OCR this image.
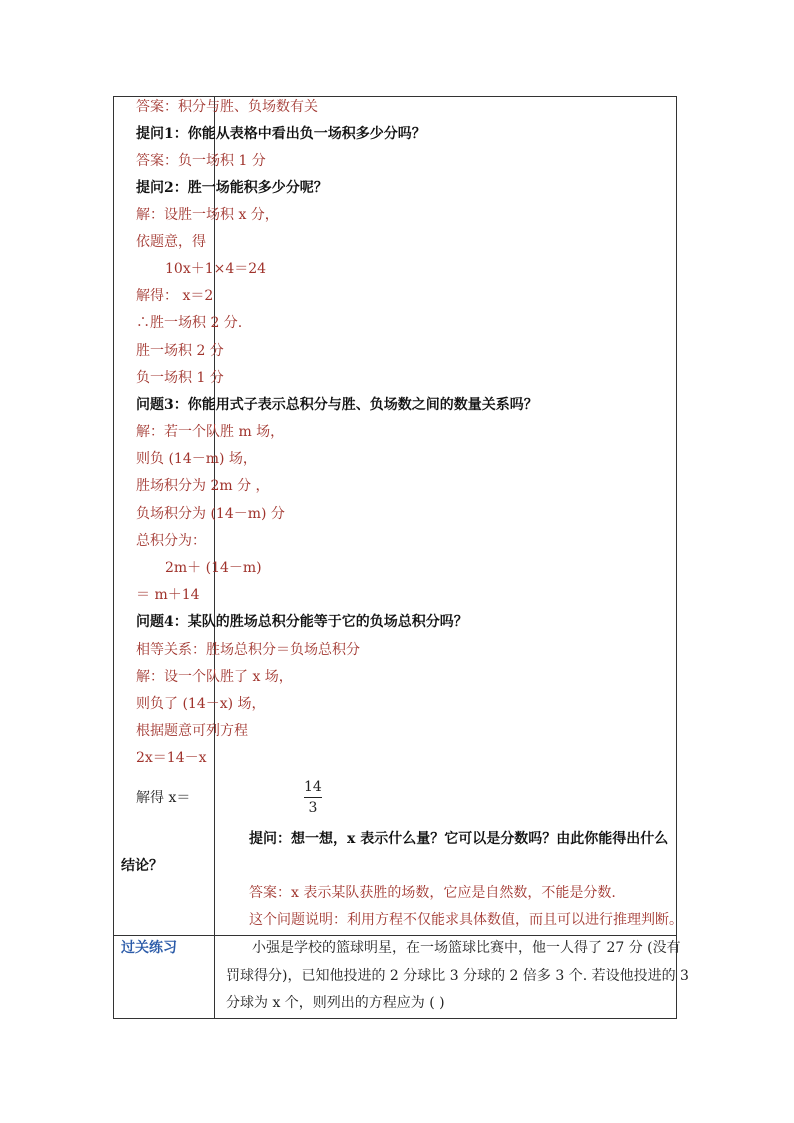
答案：积分与胜、负场数有关
提问1：你能从表格中看出负一场积多少分吗？
答案：负一场积 1 分
提问2：胜一场能积多少分呢？
解：设胜一场积 x 分，
依题意，得
10x＋1×4＝24
解得： x＝2
∴胜一场积 2 分.
胜一场积 2 分
负一场积 1 分
问题3：你能用式子表示总积分与胜、负场数之间的数量关系吗？
解：若一个队胜 m 场，
则负 (14－m) 场，
胜场积分为 2m 分 ，
负场积分为 (14－m) 分
总积分为：
2m＋ (14－m)
＝ m＋14
问题4：某队的胜场总积分能等于它的负场总积分吗？
相等关系：胜场总积分＝负场总积分
解：设一个队胜了 x 场，
则负了 (14－x) 场，
根据题意可列方程
2x＝14－x
解得 x＝
14
3
提问：想一想，x 表示什么量？它可以是分数吗？由此你能得出什么
结论？
答案：x 表示某队获胜的场数，它应是自然数，不能是分数.
这个问题说明：利用方程不仅能求具体数值，而且可以进行推理判断。
过关练习	小强是学校的篮球明星，在一场篮球比赛中，他一人得了 27 分 (没有
罚球得分)，已知他投进的 2 分球比 3 分球的 2 倍多 3 个. 若设他投进的 3
分球为 x 个，则列出的方程应为 ( )
